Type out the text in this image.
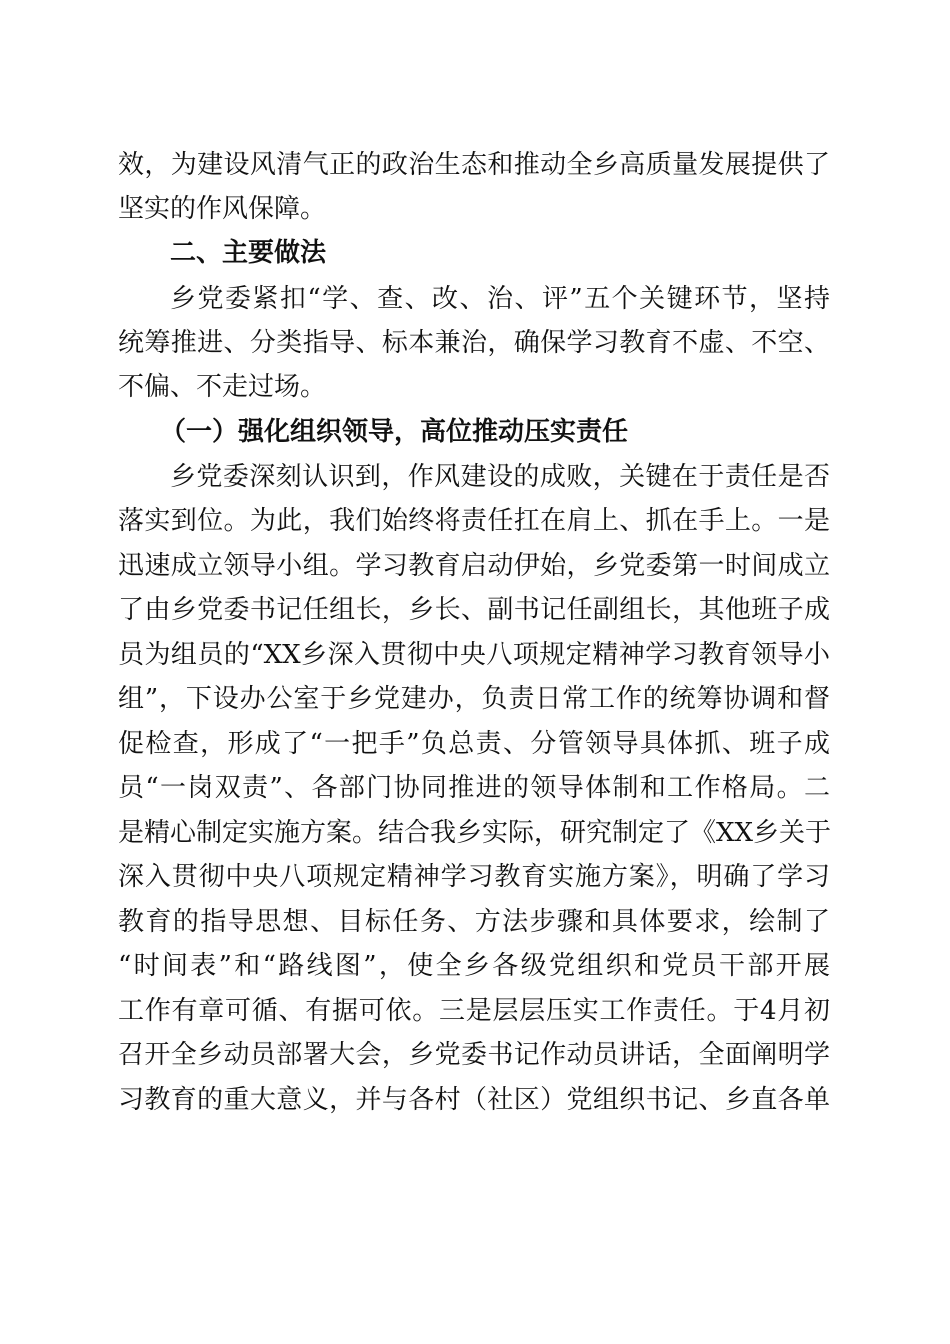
效，为建设风清气正的政治生态和推动全乡高质量发展提供了
坚实的作风保障。
二、主要做法
乡党委紧扣“学、查、改、治、评”五个关键环节，坚持
统筹推进、分类指导、标本兼治，确保学习教育不虚、不空、
不偏、不走过场。
（一）强化组织领导，高位推动压实责任
乡党委深刻认识到，作风建设的成败，关键在于责任是否
落实到位。为此，我们始终将责任扛在肩上、抓在手上。一是
迅速成立领导小组。学习教育启动伊始，乡党委第一时间成立
了由乡党委书记任组长，乡长、副书记任副组长，其他班子成
员为组员的“XX乡深入贯彻中央八项规定精神学习教育领导小
组”，下设办公室于乡党建办，负责日常工作的统筹协调和督
促检查，形成了“一把手”负总责、分管领导具体抓、班子成
员“一岗双责”、各部门协同推进的领导体制和工作格局。二
是精心制定实施方案。结合我乡实际，研究制定了《XX乡关于
深入贯彻中央八项规定精神学习教育实施方案》，明确了学习
教育的指导思想、目标任务、方法步骤和具体要求，绘制了
“时间表”和“路线图”，使全乡各级党组织和党员干部开展
工作有章可循、有据可依。三是层层压实工作责任。于4月初
召开全乡动员部署大会，乡党委书记作动员讲话，全面阐明学
习教育的重大意义，并与各村（社区）党组织书记、乡直各单
